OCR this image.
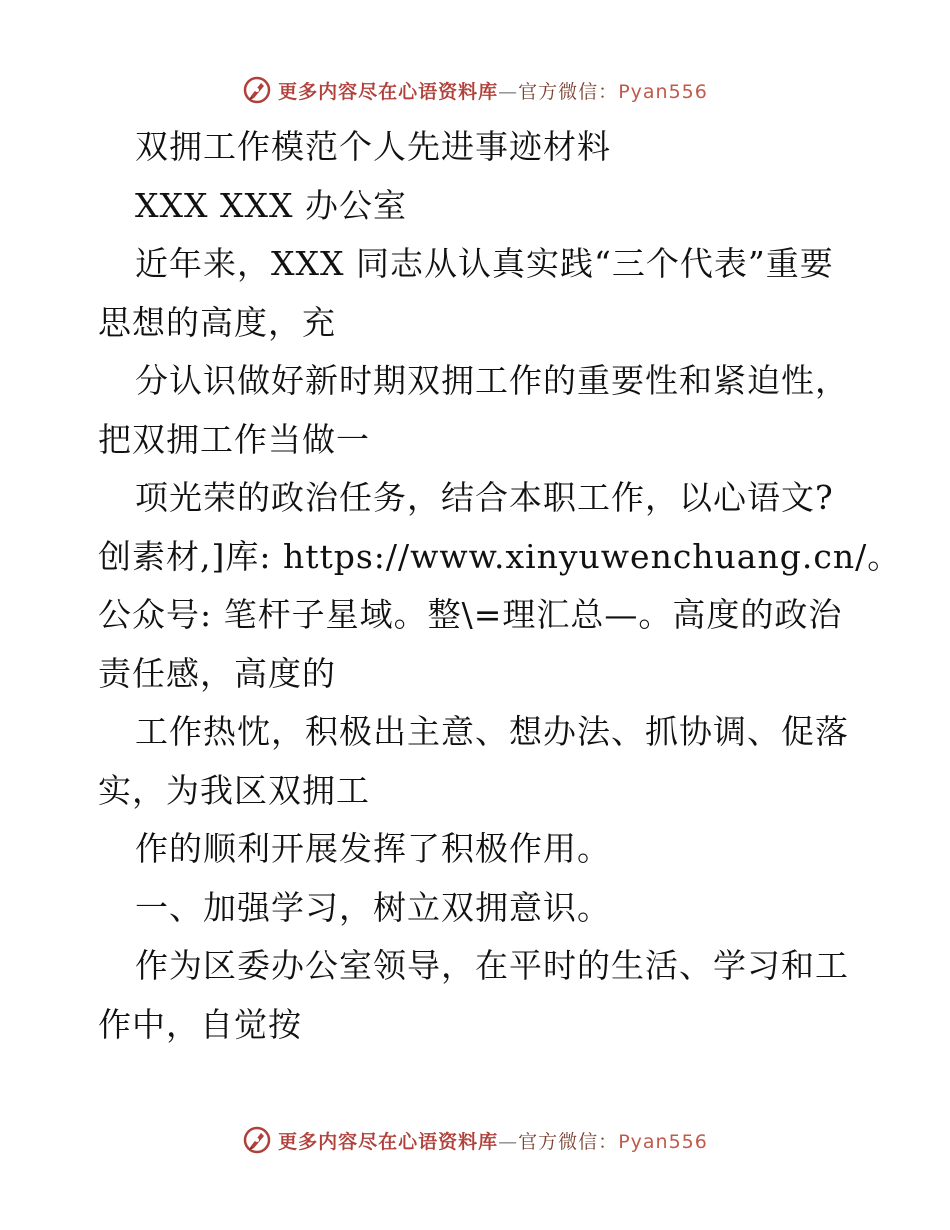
更多内容尽在心语资料库—官方微信：Pyan556
双拥工作模范个人先进事迹材料
XXX XXX 办公室
近年来，XXX 同志从认真实践“三个代表”重要
思想的高度，充
分认识做好新时期双拥工作的重要性和紧迫性，
把双拥工作当做一
项光荣的政治任务，结合本职工作，以心语文?
创素材,]库: https://www.xinyuwenchuang.cn/。
公众号: 笔杆子星域。整\=理汇总—。高度的政治
责任感，高度的
工作热忱，积极出主意、想办法、抓协调、促落
实，为我区双拥工
作的顺利开展发挥了积极作用。
一、加强学习，树立双拥意识。
作为区委办公室领导，在平时的生活、学习和工
作中，自觉按
更多内容尽在心语资料库—官方微信：Pyan556
